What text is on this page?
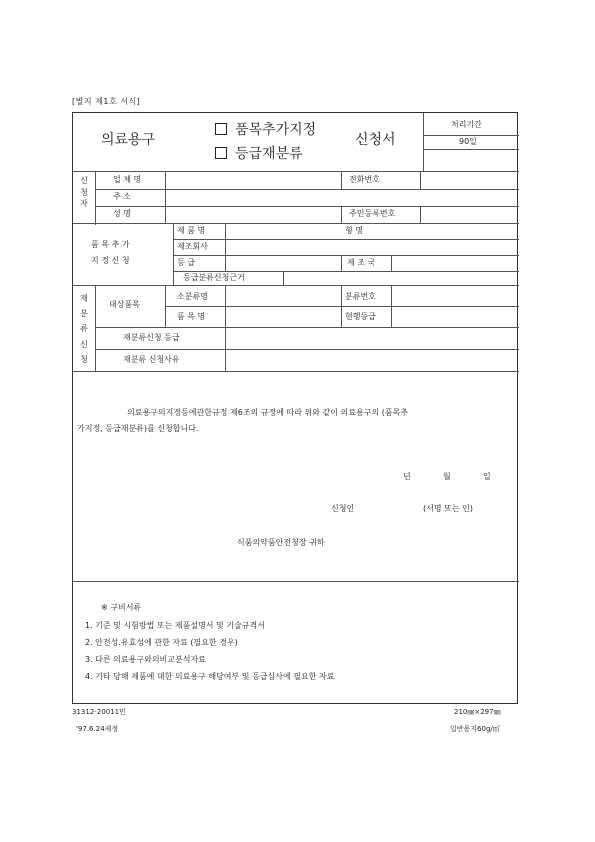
[별지 제1호 서식]
의료용구
품목추가지정
등급재분류
신청서
처리기간
90일
신청자
업 체 명	전화번호
주 소
성 명	주민등록번호
품 목 추 가
지 정 신 청
제 품 명	형 명
제조회사
등 급	제 조 국
등급분류신청근거
재분류신청
대상품목
소분류명	분류번호
품 목 명	현행등급
재분류신청 등급
재분류 신청사유
의료용구의지정등에관한규정 제6조의 규정에 따라 위와 같이 의료용구의 (품목추
가지정, 등급재분류)를 신청합니다.
년	월	일
신청인	(서명 또는 인)
식품의약품안전청장 귀하
※ 구비서류
1. 기준 및 시험방법 또는 제품설명서 및 기술규격서
2. 안전성.유효성에 관한 자료 (필요한 경우)
3. 다른 의료용구와의비교분석자료
4. 기타 당해 제품에 대한 의료용구 해당여부 및 등급심사에 필요한 자료
31312-20011민	210㎜×297㎜
'97.6.24제정	일반용지60g/㎡
